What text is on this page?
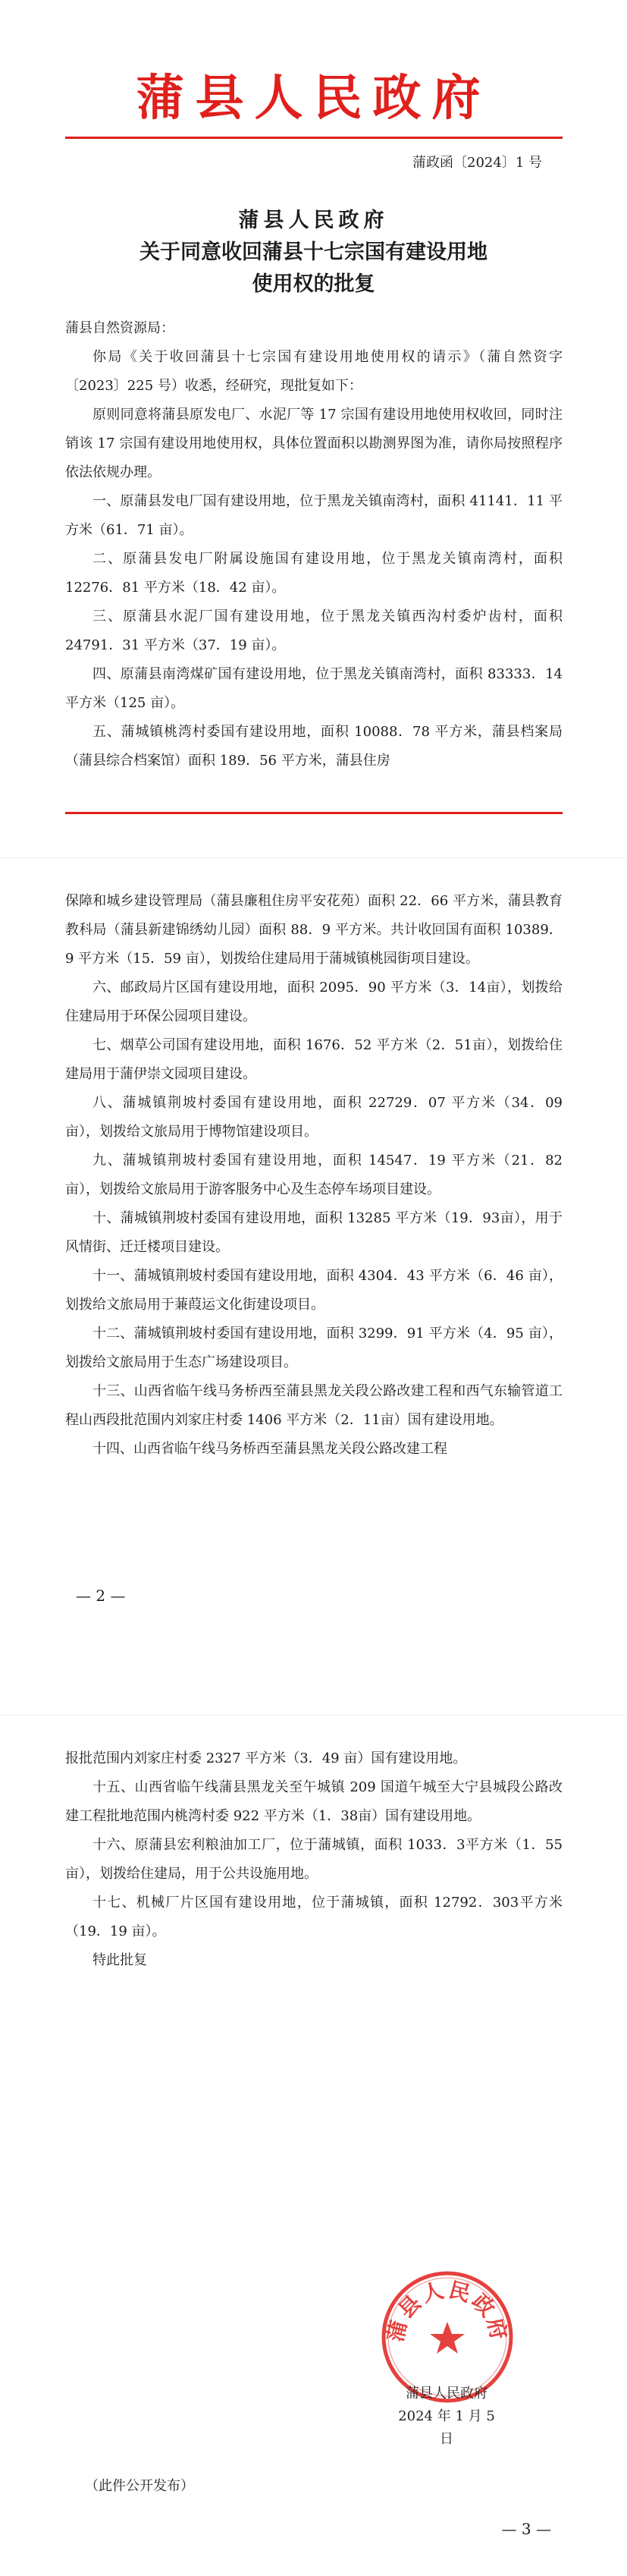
蒲县人民政府
蒲政函〔2024〕1 号
蒲县人民政府
关于同意收回蒲县十七宗国有建设用地
使用权的批复

蒲县自然资源局：

你局《关于收回蒲县十七宗国有建设用地使用权的请示》（蒲自然资字〔2023〕225 号）收悉，经研究，现批复如下：

原则同意将蒲县原发电厂、水泥厂等 17 宗国有建设用地使用权收回，同时注销该 17 宗国有建设用地使用权，具体位置面积以勘测界图为准，请你局按照程序依法依规办理。

一、原蒲县发电厂国有建设用地，位于黑龙关镇南湾村，面积 41141．11 平方米（61．71 亩）。

二、原蒲县发电厂附属设施国有建设用地，位于黑龙关镇南湾村，面积 12276．81 平方米（18．42 亩）。

三、原蒲县水泥厂国有建设用地，位于黑龙关镇西沟村委炉齿村，面积 24791．31 平方米（37．19 亩）。

四、原蒲县南湾煤矿国有建设用地，位于黑龙关镇南湾村，面积 83333．14 平方米（125 亩）。

五、蒲城镇桃湾村委国有建设用地，面积 10088．78 平方米，蒲县档案局（蒲县综合档案馆）面积 189．56 平方米，蒲县住房

保障和城乡建设管理局（蒲县廉租住房平安花苑）面积 22．66 平方米，蒲县教育教科局（蒲县新建锦绣幼儿园）面积 88．9 平方米。共计收回国有面积 10389．9 平方米（15．59 亩），划拨给住建局用于蒲城镇桃园街项目建设。

六、邮政局片区国有建设用地，面积 2095．90 平方米（3．14亩），划拨给住建局用于环保公园项目建设。

七、烟草公司国有建设用地，面积 1676．52 平方米（2．51亩），划拨给住建局用于蒲伊崇文园项目建设。

八、蒲城镇荆坡村委国有建设用地，面积 22729．07 平方米（34．09 亩），划拨给文旅局用于博物馆建设项目。

九、蒲城镇荆坡村委国有建设用地，面积 14547．19 平方米（21．82 亩），划拨给文旅局用于游客服务中心及生态停车场项目建设。

十、蒲城镇荆坡村委国有建设用地，面积 13285 平方米（19．93亩），用于风情街、迁迁楼项目建设。

十一、蒲城镇荆坡村委国有建设用地，面积 4304．43 平方米（6．46 亩），划拨给文旅局用于蒹葭运文化街建设项目。

十二、蒲城镇荆坡村委国有建设用地，面积 3299．91 平方米（4．95 亩），划拨给文旅局用于生态广场建设项目。

十三、山西省临午线马务桥西至蒲县黑龙关段公路改建工程和西气东输管道工程山西段批范围内刘家庄村委 1406 平方米（2．11亩）国有建设用地。

十四、山西省临午线马务桥西至蒲县黑龙关段公路改建工程

— 2 —

报批范围内刘家庄村委 2327 平方米（3．49 亩）国有建设用地。

十五、山西省临午线蒲县黑龙关至午城镇 209 国道午城至大宁县城段公路改建工程批地范围内桃湾村委 922 平方米（1．38亩）国有建设用地。

十六、原蒲县宏利粮油加工厂，位于蒲城镇，面积 1033．3平方米（1．55 亩），划拨给住建局，用于公共设施用地。

十七、机械厂片区国有建设用地，位于蒲城镇，面积 12792．303平方米（19．19 亩）。

特此批复

— 3 —
蒲县人民政府
蒲县人民政府
2024 年 1 月 5 日
（此件公开发布）
